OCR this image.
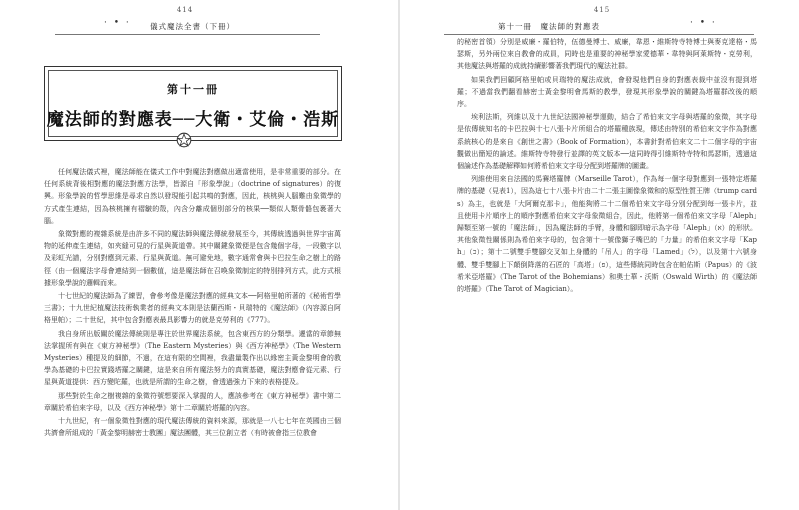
414
· • ·	儀式魔法全書（下冊）
第十一冊
魔法師的對應表──大衛・艾倫・浩斯

任何魔法儀式裡，魔法師能在儀式工作中對魔法對應做出適當使用，是非常重要的部分。在任何系統背後相對應的魔法對應方法學，皆源自「形象學說」（doctrine of signatures）的復興。形象學說的哲學思維是尋求自然以發現能引起共鳴的對應，因此，核桃與人腦難由象徵學的方式產生連結，因為核桃擁有褶皺的殼，內含分離成個別部分的核果──類似人類骨骼包裹著大腦。

象徵對應的複雜系統是由許多不同的魔法師與魔法傳統發展至今，其傳統透過與世界宇宙萬物的延伸產生連結，如夾縫可見的行星與黃道帶。其中關鍵象徵便是包含幾個字母，一段數字以及彩虹光譜，分別對應到元素、行星與黃道。無可避免地，數字通常會與卡巴拉生命之樹上的路徑（由一個魔法字母會連結到一個數值，這是魔法師在召喚象徵制定的特別排列方式，此方式根據形象學說的邏輯而來。

十七世紀的魔法師為了練習，會參考像是魔法對應的經典文本──阿格里帕所著的《秘術哲學三書》；十九世紀植魔法技術執業者的經典文本則是法蘭西斯・貝瑞特的《魔法師》（內容源自阿格里帕）；二十世紀，其中包含對應表最具影響力的就是克勞利的《777》。

我自身所出版關於魔法傳統則是專注於世界魔法系統，包含東西方的分類學。遷當的章節無法掌握所有與在《東方神秘學》（The Eastern Mysteries）與《西方神秘學》（The Western Mysteries）種提及的細節，不過，在這有限的空間裡，我盡量製作出以緣密主黃金黎明會的教學為基礎的卡巴拉實踐塔羅之關鍵，這是來自所有魔法努力的真實基礎，魔法對應會從元素、行星與黃道提供：西方變陀羅，也就是所謂的生命之樹，會透過強力下來的表格提及。

那些對於生命之樹複雜的象徵符號想要深入掌握的人，應該參考在《東方神秘學》書中第二章關於希伯來字母，以及《西方神秘學》第十二章關於塔羅的內容。

十九世紀，有一個象徵性對應的現代魔法傳統的資料來源，那就是一八七七年在英國由三個共濟會所組成的「黃金黎明赫密士教團」魔法團體，其三位創立者（有時被會指三位教會

415
第十一冊　魔法師的對應表	· • ·

的秘密首領）分別是威廉・羅伯特，伍德曼博士、威廉，韋恩・維斯特寺特博士與麥克達格・馬瑟斯，另外兩位來自教會的成員，同時也是重要的神秘學家愛德華・韋特與阿萊斯特・克勞利，其他魔法與塔羅的成就持續影響著我們現代的魔法社群。

如果我們回顧阿格里帕或貝瑞特的魔法成就，會發現他們自身的對應表裁中並沒有提到塔羅；不過當我們翻看赫密士黃金黎明會馬斯的教學，發現其形象學說的關鍵為塔羅群改後的順序。

埃利法斯，列維以及十九世紀法國神秘學運動，結合了希伯來文字母與塔羅的象徵，其字母是依傳統知名的卡巴拉與十七八張卡片所組合的塔羅種族現，傳述由特別的希伯來文字作為對應系統核心的是來自《創世之書》（Book of Formation），本書針對希伯來文二十二個字母的宇宙觀做出簡短的論述。維斯特寺特發行並譯的英文版本──這同時得引維斯特寺特和馬瑟斯，透過這個論述作為基礎解釋如何將希伯來文字母分配到塔羅牌的圖畫。

列維使用來自法國的馬賽塔羅牌（Marseille Tarot），作為每一個字母對應到一張特定塔羅牌的基礎（見表1），因為這七十八張卡片由二十二張主圖像象徵和的原型性質王牌（trump cards）為主，也就是「大阿爾克那卡」，他能夠將二十二個希伯來文字母分別分配到每一張卡片，並且使用卡片順序上的順序對應希伯來文字母象徵組合，因此，他將第一個希伯來文字母「Aleph」歸類至第一號的「魔法師」，因為魔法師的手臂，身體和腳即暗示為字母「Aleph」（א）的形狀。其他象徵性關係則為希伯來字母的，包含第十一號像獅子嘴巴的「力量」的希伯來文字母「Kaph」（כ）；第十二號雙手雙腳交叉如上身體的「吊人」的字母「Lamed」（ל），以及第十六號身體、雙手雙腳上下顛倒降落的石匠的「高塔」（פ），這些傳統同時包含在帕佑斯（Papus）的《波希米亞塔羅》（The Tarot of the Bohemians）和奧士華・沃斯（Oswald Wirth）的《魔法師的塔羅》（The Tarot of Magician）。
